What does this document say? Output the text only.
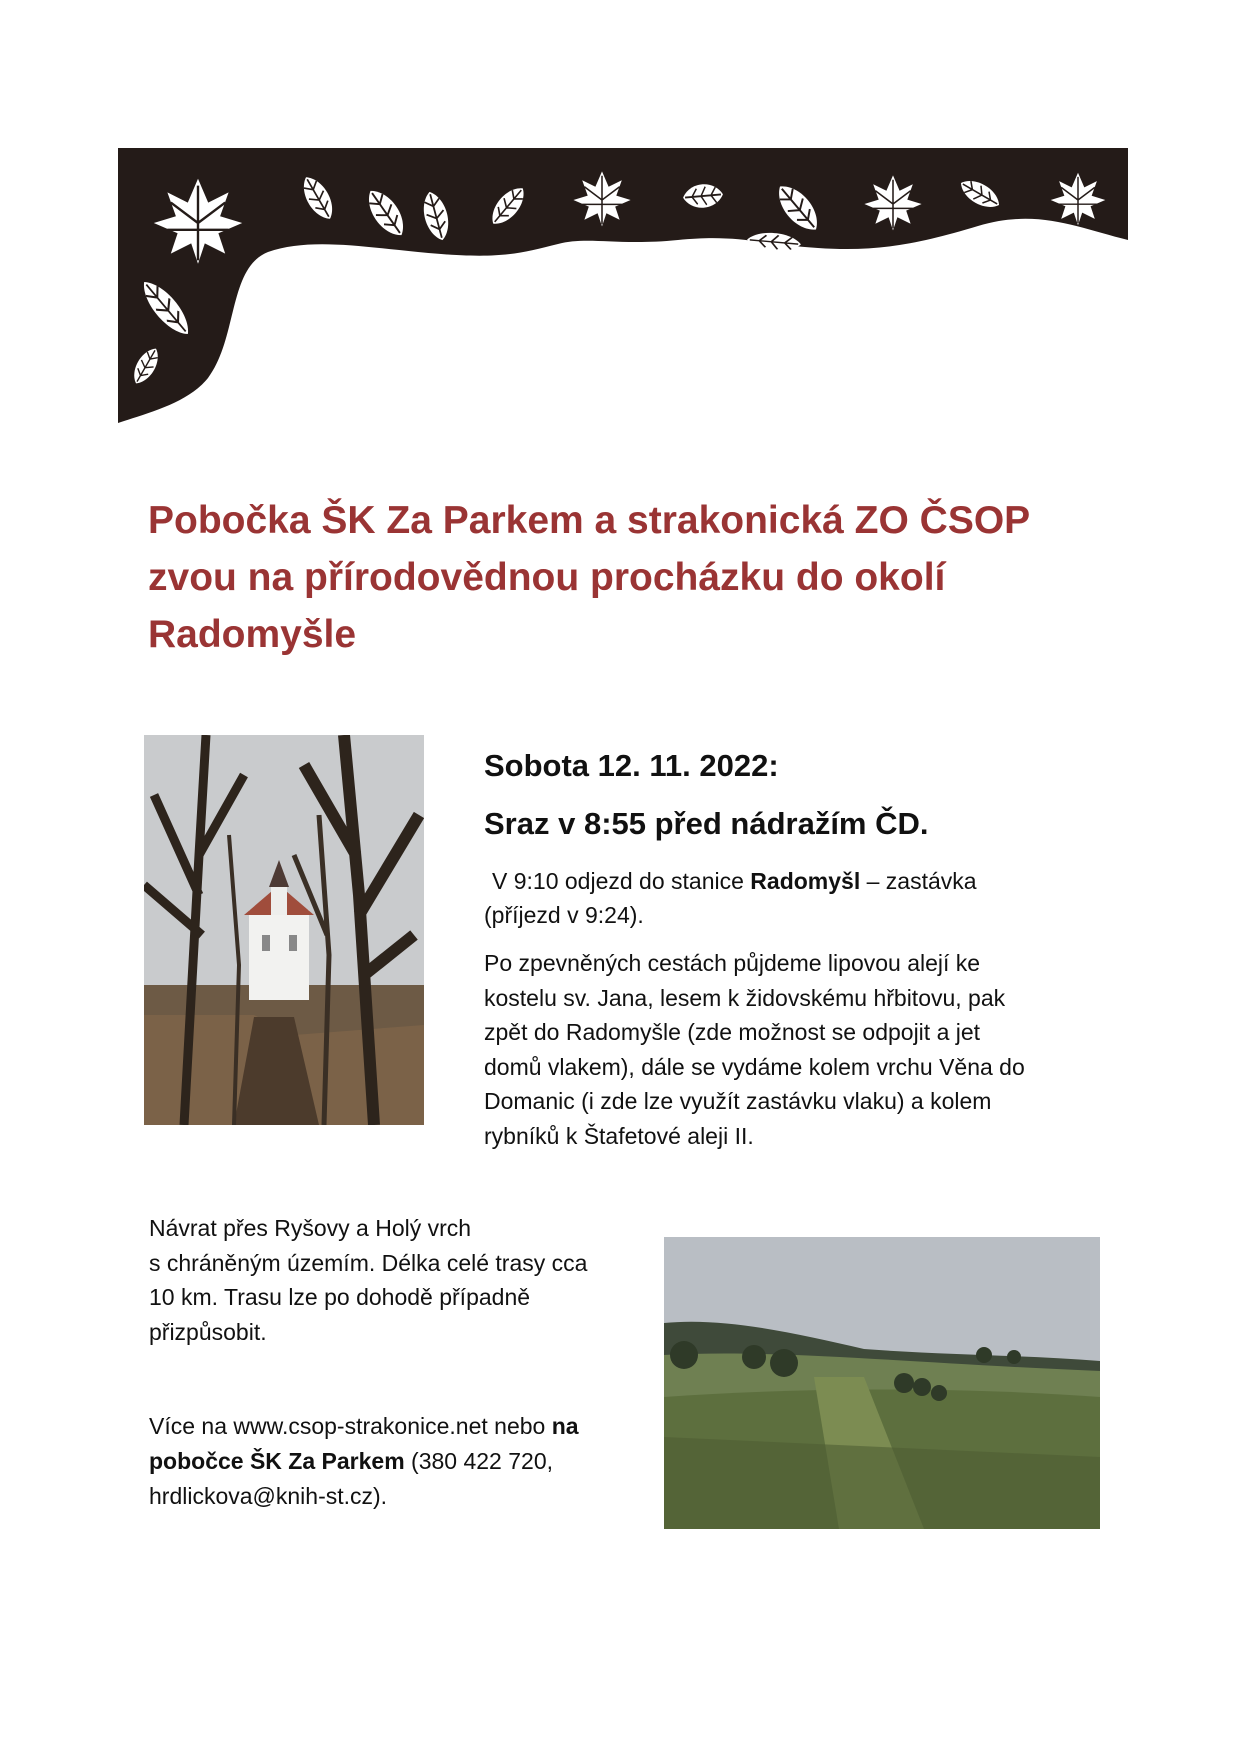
Pobočka ŠK Za Parkem a strakonická ZO ČSOP
zvou na přírodovědnou procházku do okolí
Radomyšle
Sobota 12. 11. 2022:
Sraz v 8:55 před nádražím ČD.
V 9:10 odjezd do stanice Radomyšl – zastávka
(příjezd v 9:24).
Po zpevněných cestách půjdeme lipovou alejí ke
kostelu sv. Jana, lesem k židovskému hřbitovu, pak
zpět do Radomyšle (zde možnost se odpojit a jet
domů vlakem), dále se vydáme kolem vrchu Věna do
Domanic (i zde lze využít zastávku vlaku) a kolem
rybníků k Štafetové aleji II.
Návrat přes Ryšovy a Holý vrch
s chráněným územím. Délka celé trasy cca
10 km. Trasu lze po dohodě případně
přizpůsobit.
Více na www.csop-strakonice.net nebo na
pobočce ŠK Za Parkem (380 422 720,
hrdlickova@knih-st.cz).
